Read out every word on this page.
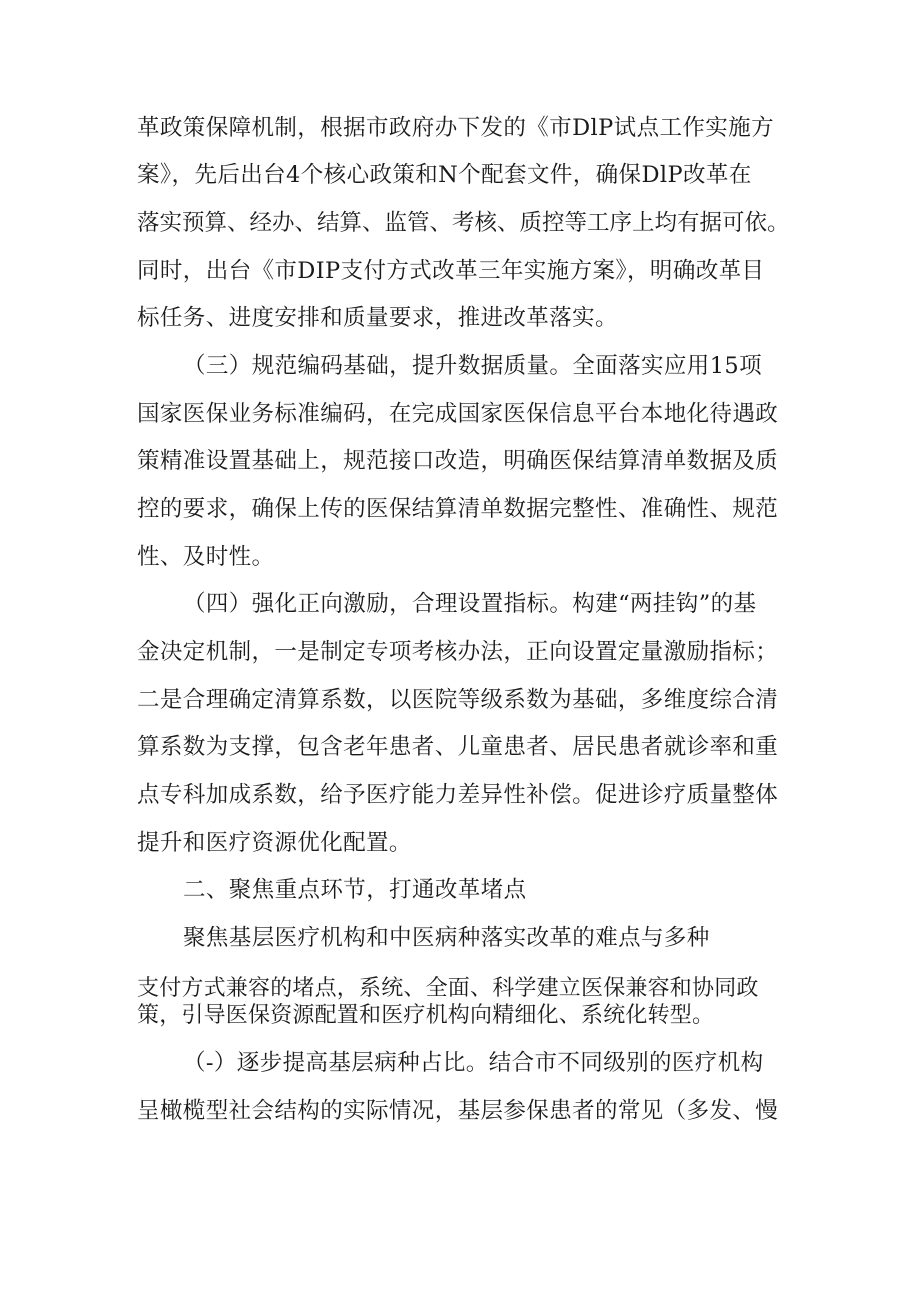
革政策保障机制，根据市政府办下发的《市DlP试点工作实施方
案》，先后出台4个核心政策和N个配套文件，确保DlP改革在
落实预算、经办、结算、监管、考核、质控等工序上均有据可依。
同时，出台《市DIP支付方式改革三年实施方案》，明确改革目
标任务、进度安排和质量要求，推进改革落实。
（三）规范编码基础，提升数据质量。全面落实应用15项
国家医保业务标准编码，在完成国家医保信息平台本地化待遇政
策精准设置基础上，规范接口改造，明确医保结算清单数据及质
控的要求，确保上传的医保结算清单数据完整性、准确性、规范
性、及时性。
（四）强化正向激励，合理设置指标。构建“两挂钩”的基
金决定机制，一是制定专项考核办法，正向设置定量激励指标；
二是合理确定清算系数，以医院等级系数为基础，多维度综合清
算系数为支撑，包含老年患者、儿童患者、居民患者就诊率和重
点专科加成系数，给予医疗能力差异性补偿。促进诊疗质量整体
提升和医疗资源优化配置。
二、聚焦重点环节，打通改革堵点
聚焦基层医疗机构和中医病种落实改革的难点与多种
支付方式兼容的堵点，系统、全面、科学建立医保兼容和协同政
策，引导医保资源配置和医疗机构向精细化、系统化转型。
（-）逐步提高基层病种占比。结合市不同级别的医疗机构
呈橄榄型社会结构的实际情况，基层参保患者的常见（多发、慢
